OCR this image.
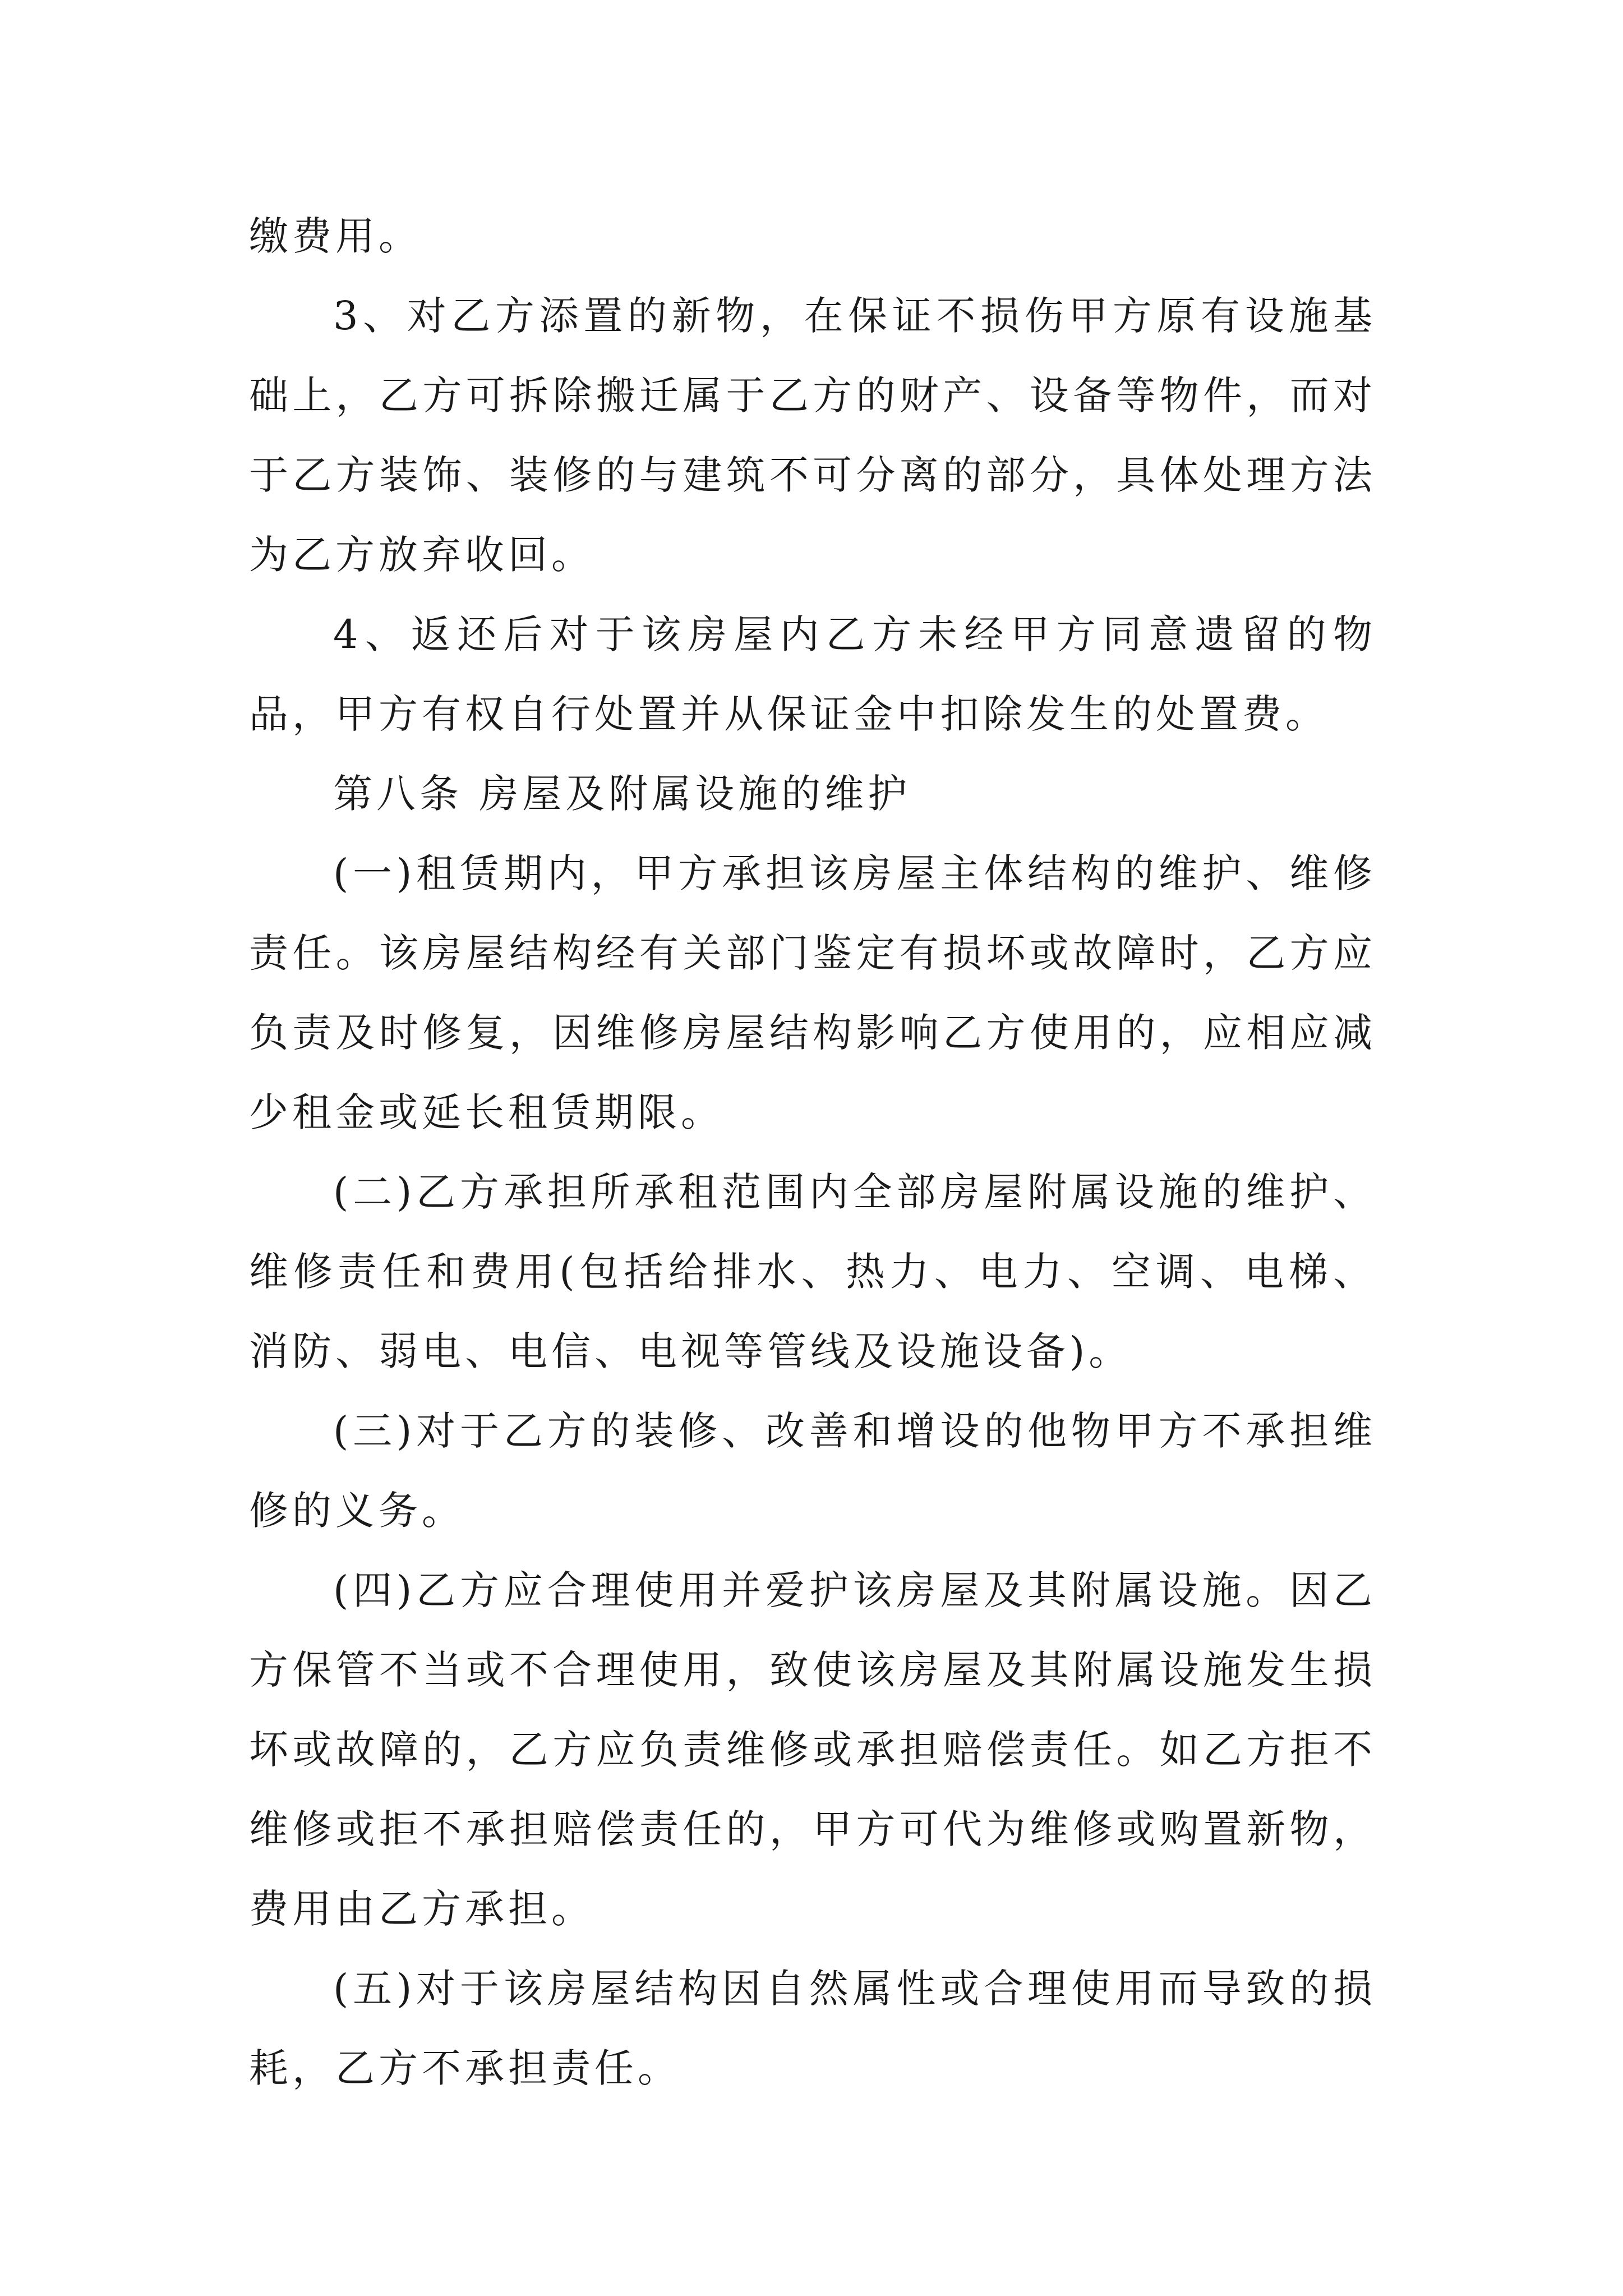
缴费用。

3、对乙方添置的新物，在保证不损伤甲方原有设施基础上，乙方可拆除搬迁属于乙方的财产、设备等物件，而对于乙方装饰、装修的与建筑不可分离的部分，具体处理方法为乙方放弃收回。

4、返还后对于该房屋内乙方未经甲方同意遗留的物品，甲方有权自行处置并从保证金中扣除发生的处置费。

第八条 房屋及附属设施的维护

(一)租赁期内，甲方承担该房屋主体结构的维护、维修责任。该房屋结构经有关部门鉴定有损坏或故障时，乙方应负责及时修复，因维修房屋结构影响乙方使用的，应相应减少租金或延长租赁期限。

(二)乙方承担所承租范围内全部房屋附属设施的维护、维修责任和费用(包括给排水、热力、电力、空调、电梯、消防、弱电、电信、电视等管线及设施设备)。

(三)对于乙方的装修、改善和增设的他物甲方不承担维修的义务。

(四)乙方应合理使用并爱护该房屋及其附属设施。因乙方保管不当或不合理使用，致使该房屋及其附属设施发生损坏或故障的，乙方应负责维修或承担赔偿责任。如乙方拒不维修或拒不承担赔偿责任的，甲方可代为维修或购置新物，费用由乙方承担。

(五)对于该房屋结构因自然属性或合理使用而导致的损耗，乙方不承担责任。
